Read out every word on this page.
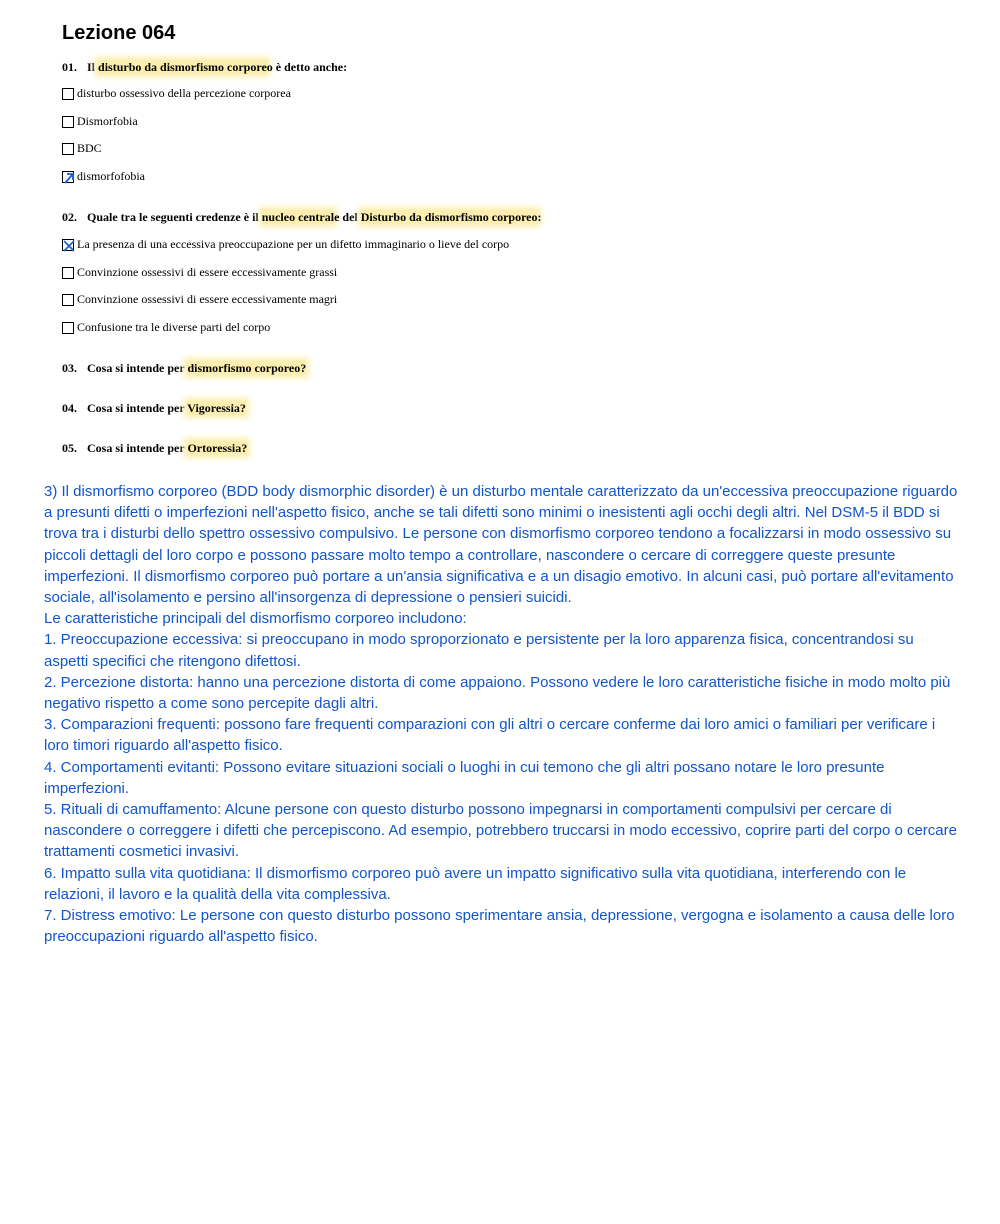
Lezione 064
01. Il disturbo da dismorfismo corporeo è detto anche:
disturbo ossessivo della percezione corporea
Dismorfobia
BDC
dismorfofobia
02. Quale tra le seguenti credenze è il nucleo centrale del Disturbo da dismorfismo corporeo:
La presenza di una eccessiva preoccupazione per un difetto immaginario o lieve del corpo
Convinzione ossessivi di essere eccessivamente grassi
Convinzione ossessivi di essere eccessivamente magri
Confusione tra le diverse parti del corpo
03. Cosa si intende per dismorfismo corporeo?
04. Cosa si intende per Vigoressia?
05. Cosa si intende per Ortoressia?

3) Il dismorfismo corporeo (BDD body dismorphic disorder) è un disturbo mentale caratterizzato da un'eccessiva preoccupazione riguardo a presunti difetti o imperfezioni nell'aspetto fisico, anche se tali difetti sono minimi o inesistenti agli occhi degli altri. Nel DSM-5 il BDD si trova tra i disturbi dello spettro ossessivo compulsivo. Le persone con dismorfismo corporeo tendono a focalizzarsi in modo ossessivo su piccoli dettagli del loro corpo e possono passare molto tempo a controllare, nascondere o cercare di correggere queste presunte imperfezioni. Il dismorfismo corporeo può portare a un'ansia significativa e a un disagio emotivo. In alcuni casi, può portare all'evitamento sociale, all'isolamento e persino all'insorgenza di depressione o pensieri suicidi.

Le caratteristiche principali del dismorfismo corporeo includono:

1. Preoccupazione eccessiva: si preoccupano in modo sproporzionato e persistente per la loro apparenza fisica, concentrandosi su aspetti specifici che ritengono difettosi.

2. Percezione distorta: hanno una percezione distorta di come appaiono. Possono vedere le loro caratteristiche fisiche in modo molto più negativo rispetto a come sono percepite dagli altri.

3. Comparazioni frequenti: possono fare frequenti comparazioni con gli altri o cercare conferme dai loro amici o familiari per verificare i loro timori riguardo all'aspetto fisico.

4. Comportamenti evitanti: Possono evitare situazioni sociali o luoghi in cui temono che gli altri possano notare le loro presunte imperfezioni.

5. Rituali di camuffamento: Alcune persone con questo disturbo possono impegnarsi in comportamenti compulsivi per cercare di nascondere o correggere i difetti che percepiscono. Ad esempio, potrebbero truccarsi in modo eccessivo, coprire parti del corpo o cercare trattamenti cosmetici invasivi.

6. Impatto sulla vita quotidiana: Il dismorfismo corporeo può avere un impatto significativo sulla vita quotidiana, interferendo con le relazioni, il lavoro e la qualità della vita complessiva.

7. Distress emotivo: Le persone con questo disturbo possono sperimentare ansia, depressione, vergogna e isolamento a causa delle loro preoccupazioni riguardo all'aspetto fisico.
